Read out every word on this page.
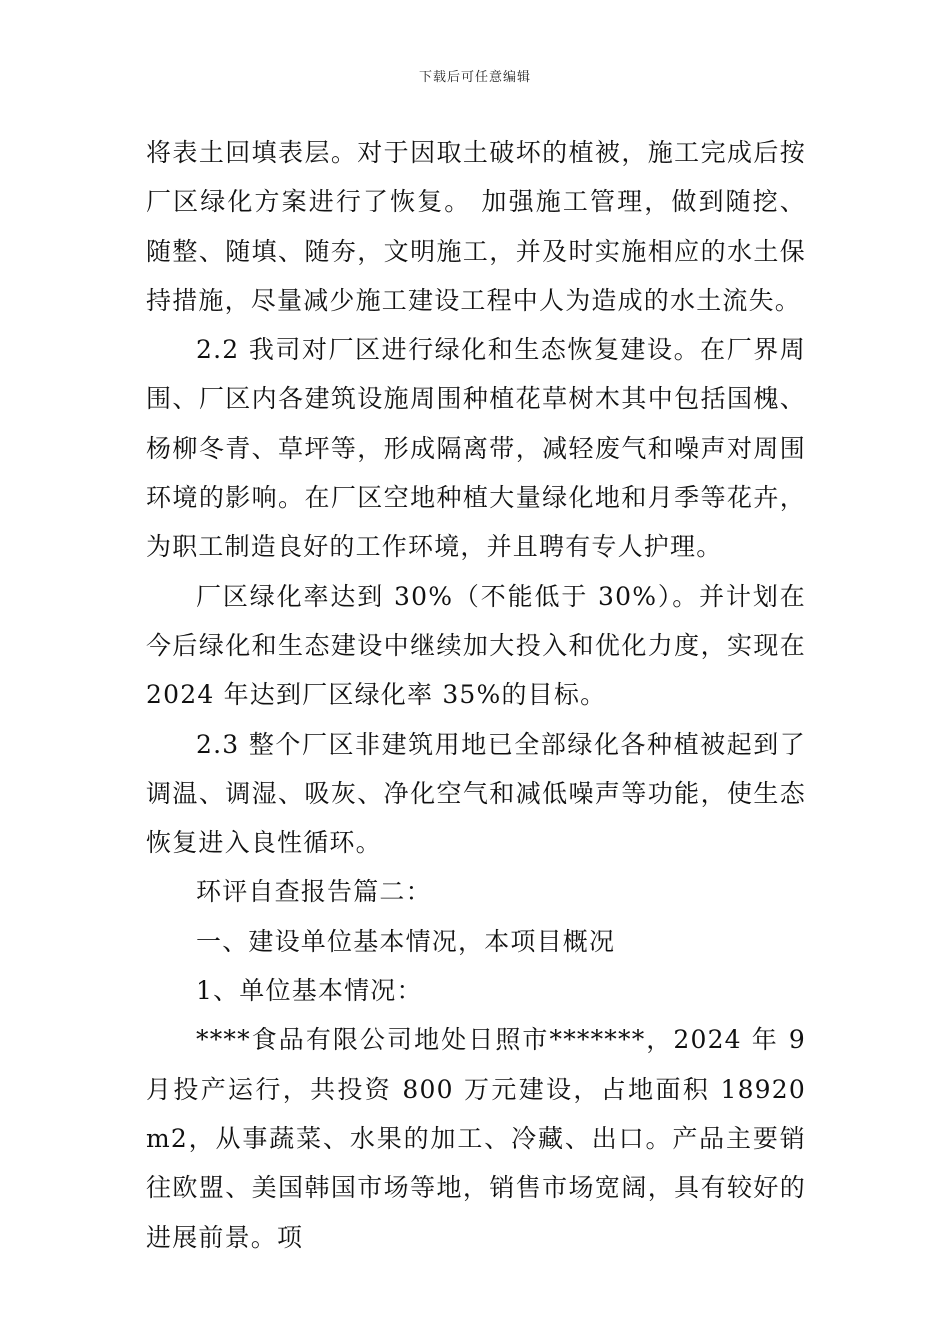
下载后可任意编辑

将表土回填表层。对于因取土破坏的植被，施工完成后按厂区绿化方案进行了恢复。 加强施工管理，做到随挖、随整、随填、随夯，文明施工，并及时实施相应的水土保持措施，尽量减少施工建设工程中人为造成的水土流失。

2.2 我司对厂区进行绿化和生态恢复建设。在厂界周围、厂区内各建筑设施周围种植花草树木其中包括国槐、杨柳冬青、草坪等，形成隔离带，减轻废气和噪声对周围环境的影响。在厂区空地种植大量绿化地和月季等花卉，为职工制造良好的工作环境，并且聘有专人护理。

厂区绿化率达到 30%（不能低于 30%）。并计划在今后绿化和生态建设中继续加大投入和优化力度，实现在 2024 年达到厂区绿化率 35%的目标。

2.3 整个厂区非建筑用地已全部绿化各种植被起到了调温、调湿、吸灰、净化空气和减低噪声等功能，使生态恢复进入良性循环。

环评自查报告篇二：

一、建设单位基本情况，本项目概况

1、单位基本情况：

****食品有限公司地处日照市*******，2024 年 9 月投产运行，共投资 800 万元建设，占地面积 18920m2，从事蔬菜、水果的加工、冷藏、出口。产品主要销往欧盟、美国韩国市场等地，销售市场宽阔，具有较好的进展前景。项
